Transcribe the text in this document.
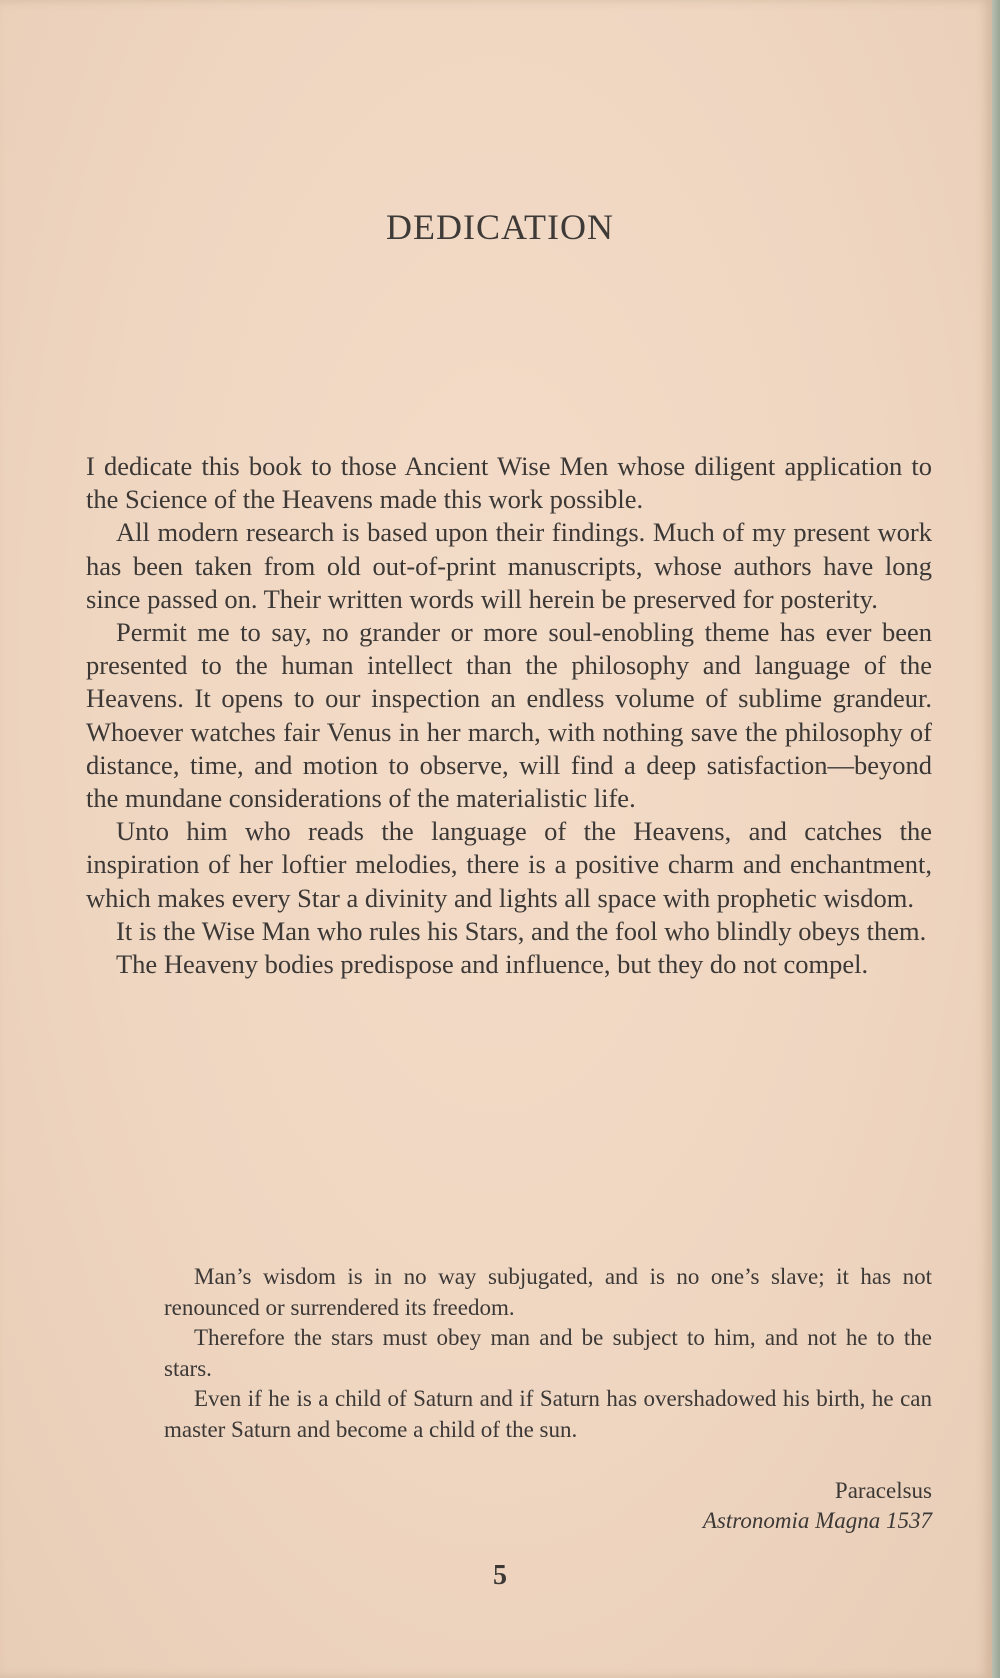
DEDICATION

I dedicate this book to those Ancient Wise Men whose diligent application to the Science of the Heavens made this work possible.

All modern research is based upon their findings. Much of my present work has been taken from old out-of-print manuscripts, whose authors have long since passed on. Their written words will herein be preserved for posterity.

Permit me to say, no grander or more soul-enobling theme has ever been presented to the human intellect than the philosophy and language of the Heavens. It opens to our inspection an endless volume of sublime grandeur. Whoever watches fair Venus in her march, with nothing save the philosophy of distance, time, and motion to observe, will find a deep satisfaction—beyond the mundane considerations of the materialistic life.

Unto him who reads the language of the Heavens, and catches the inspiration of her loftier melodies, there is a positive charm and enchantment, which makes every Star a divinity and lights all space with prophetic wisdom.

It is the Wise Man who rules his Stars, and the fool who blindly obeys them.

The Heaveny bodies predispose and influence, but they do not compel.

Man’s wisdom is in no way subjugated, and is no one’s slave; it has not renounced or surrendered its freedom.

Therefore the stars must obey man and be subject to him, and not he to the stars.

Even if he is a child of Saturn and if Saturn has overshadowed his birth, he can master Saturn and become a child of the sun.

Paracelsus
Astronomia Magna 1537
5
